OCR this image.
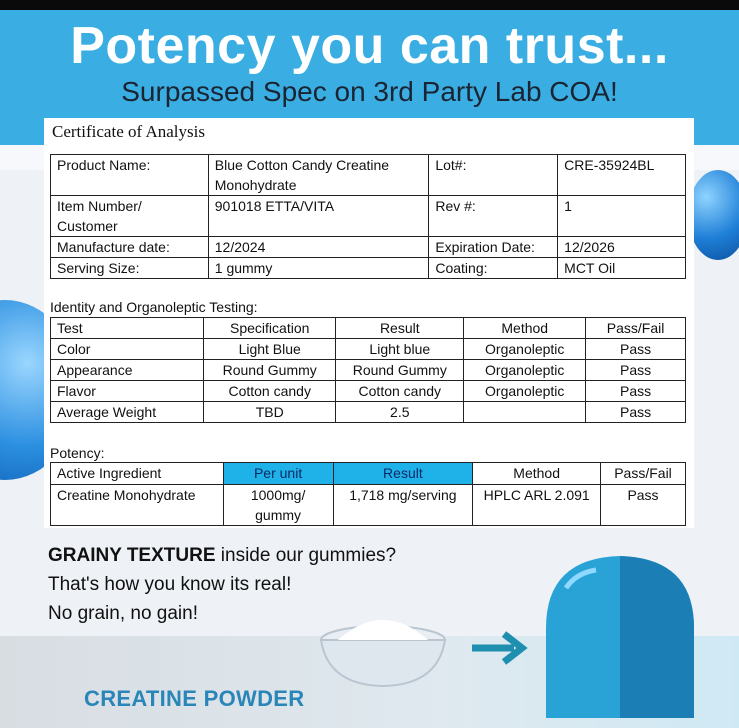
Potency you can trust...
Surpassed Spec on 3rd Party Lab COA!
Certificate of Analysis
Product Name:	Blue Cotton Candy Creatine Monohydrate	Lot#:	CRE-35924BL
Item Number/ Customer	901018 ETTA/VITA	Rev #:	1
Manufacture date:	12/2024	Expiration Date:	12/2026
Serving Size:	1 gummy	Coating:	MCT Oil
Identity and Organoleptic Testing:
Test	Specification	Result	Method	Pass/Fail
Color	Light Blue	Light blue	Organoleptic	Pass
Appearance	Round Gummy	Round Gummy	Organoleptic	Pass
Flavor	Cotton candy	Cotton candy	Organoleptic	Pass
Average Weight	TBD	2.5		Pass
Potency:
Active Ingredient	Per unit	Result	Method	Pass/Fail
Creatine Monohydrate	1000mg/ gummy	1,718 mg/serving	HPLC ARL 2.091	Pass
GRAINY TEXTURE inside our gummies?
That's how you know its real!
No grain, no gain!
CREATINE POWDER
